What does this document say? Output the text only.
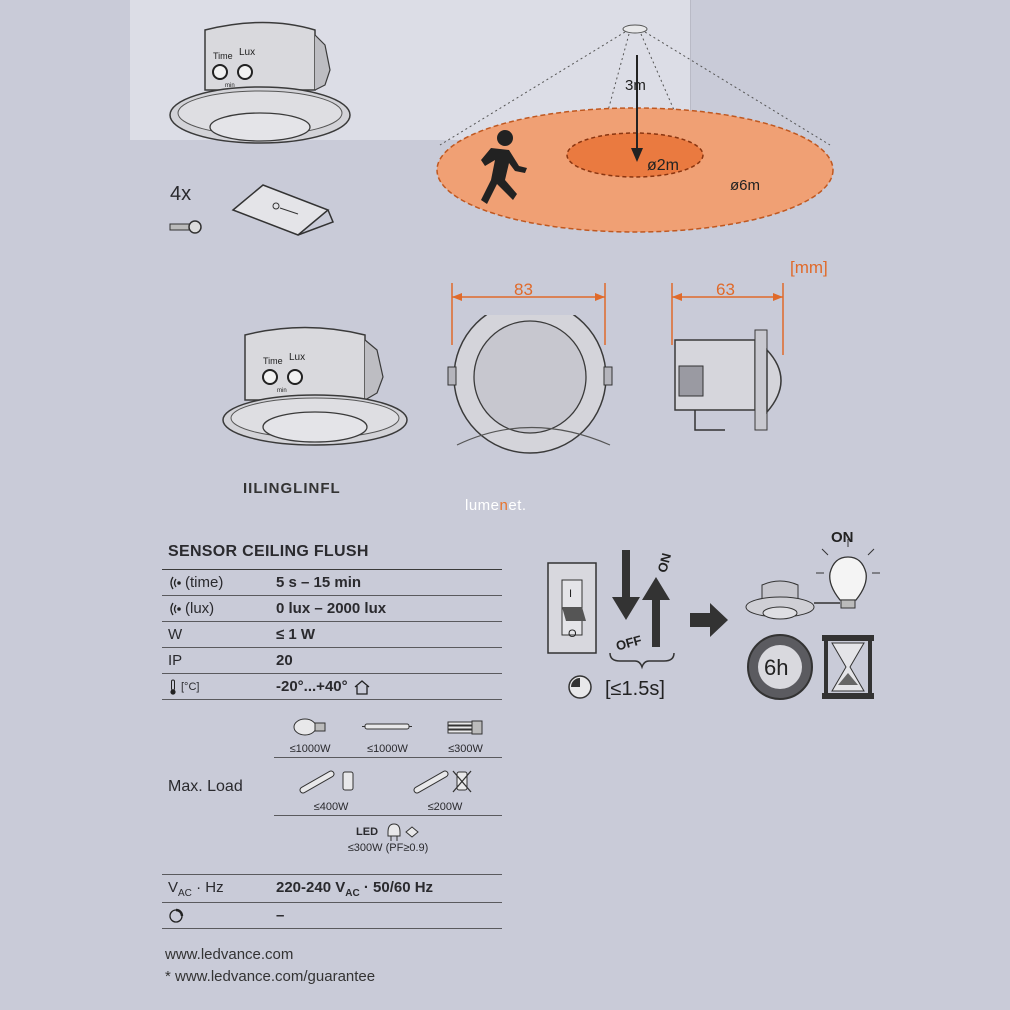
Time Lux
min
4x
3m
ø2m
ø6m
[mm]
83	63
Time Lux
min
IILINGLINFL
lumenet.
SENSOR CEILING FLUSH
(time)	5 s – 15 min
(lux)	0 lux – 2000 lux
W	≤ 1 W
IP	20
[°C]	-20°...+40°
Max. Load
≤1000W	≤1000W	≤300W
≤400W	≤200W
LED
≤300W (PF≥0.9)
$V_{AC} \cdot Hz$	220-240 $V_{AC} \cdot 50/60$ Hz
–
www.ledvance.com
* www.ledvance.com/guarantee
I
O
ON
OFF
[≤1.5s]
ON
6h
